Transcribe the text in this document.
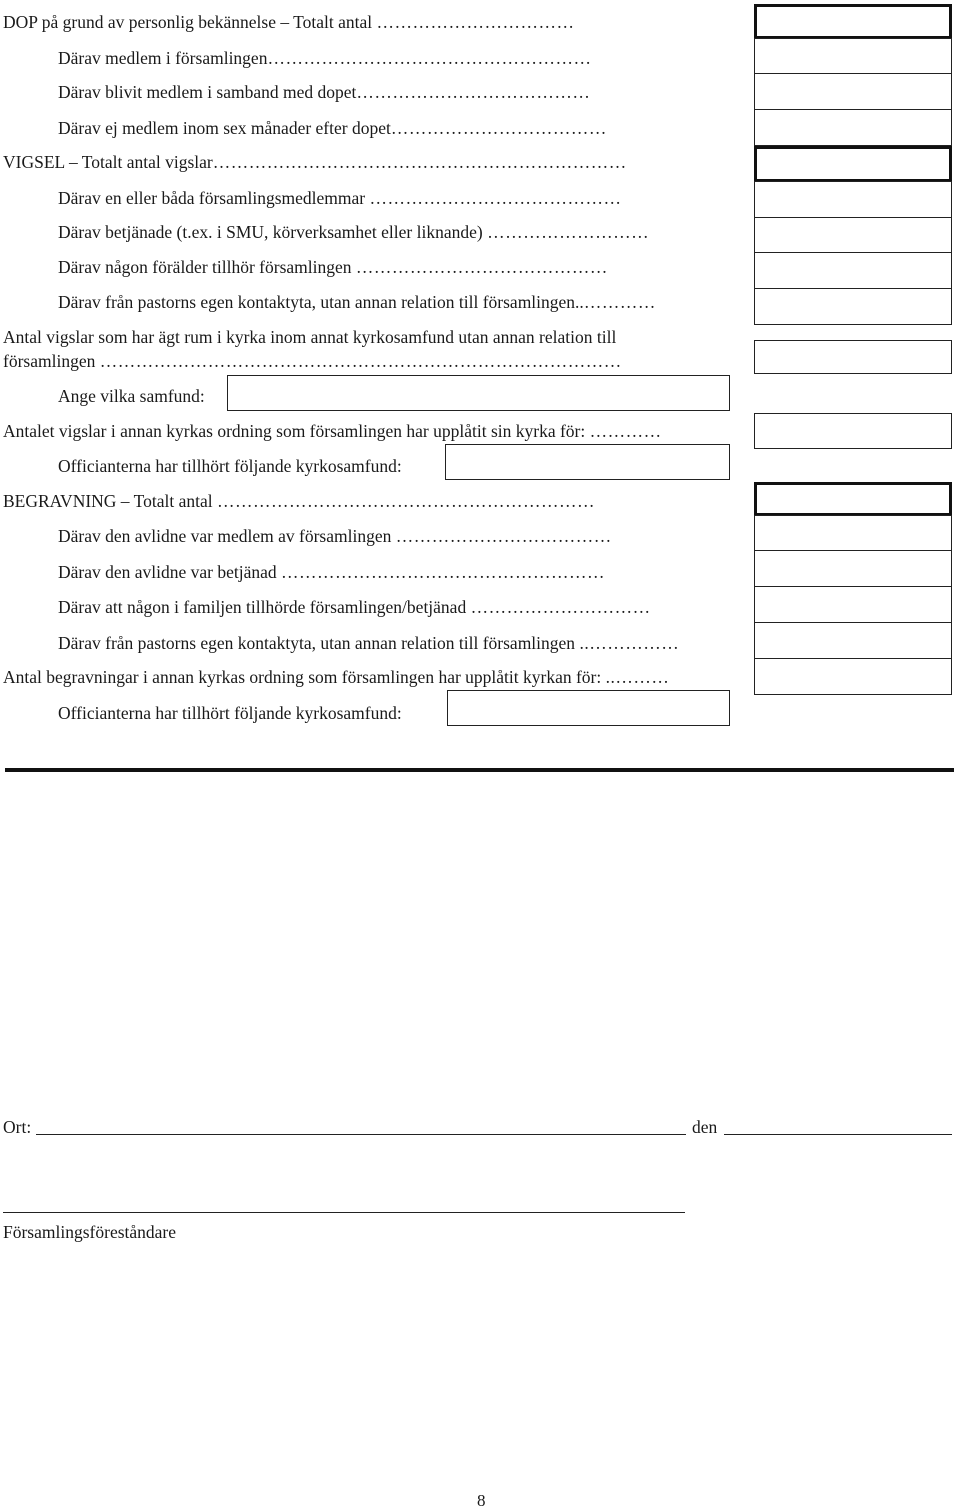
DOP på grund av personlig bekännelse – Totalt antal ……………………………
Därav medlem i församlingen………………………………………………
Därav blivit medlem i samband med dopet…………………………………
Därav ej medlem inom sex månader efter dopet………………………………
VIGSEL – Totalt antal vigslar……………………………………………………………
Därav en eller båda församlingsmedlemmar ……………………………………
Därav betjänade (t.ex. i SMU, körverksamhet eller liknande) ………………………
Därav någon förälder tillhör församlingen ……………………………………
Därav från pastorns egen kontaktyta, utan annan relation till församlingen..…………
Antal vigslar som har ägt rum i kyrka inom annat kyrkosamfund utan annan relation till
församlingen ……………………………………………………………………………
Ange vilka samfund:
Antalet vigslar i annan kyrkas ordning som församlingen har upplåtit sin kyrka för: …………
Officianterna har tillhört följande kyrkosamfund:
BEGRAVNING – Totalt antal ………………………………………………………
Därav den avlidne var medlem av församlingen ………………………………
Därav den avlidne var betjänad ………………………………………………
Därav att någon i familjen tillhörde församlingen/betjänad …………………………
Därav från pastorns egen kontaktyta, utan annan relation till församlingen ..……………
Antal begravningar i annan kyrkas ordning som församlingen har upplåtit kyrkan för: ..………
Officianterna har tillhört följande kyrkosamfund:
Ort:	den
Församlingsföreståndare
8
